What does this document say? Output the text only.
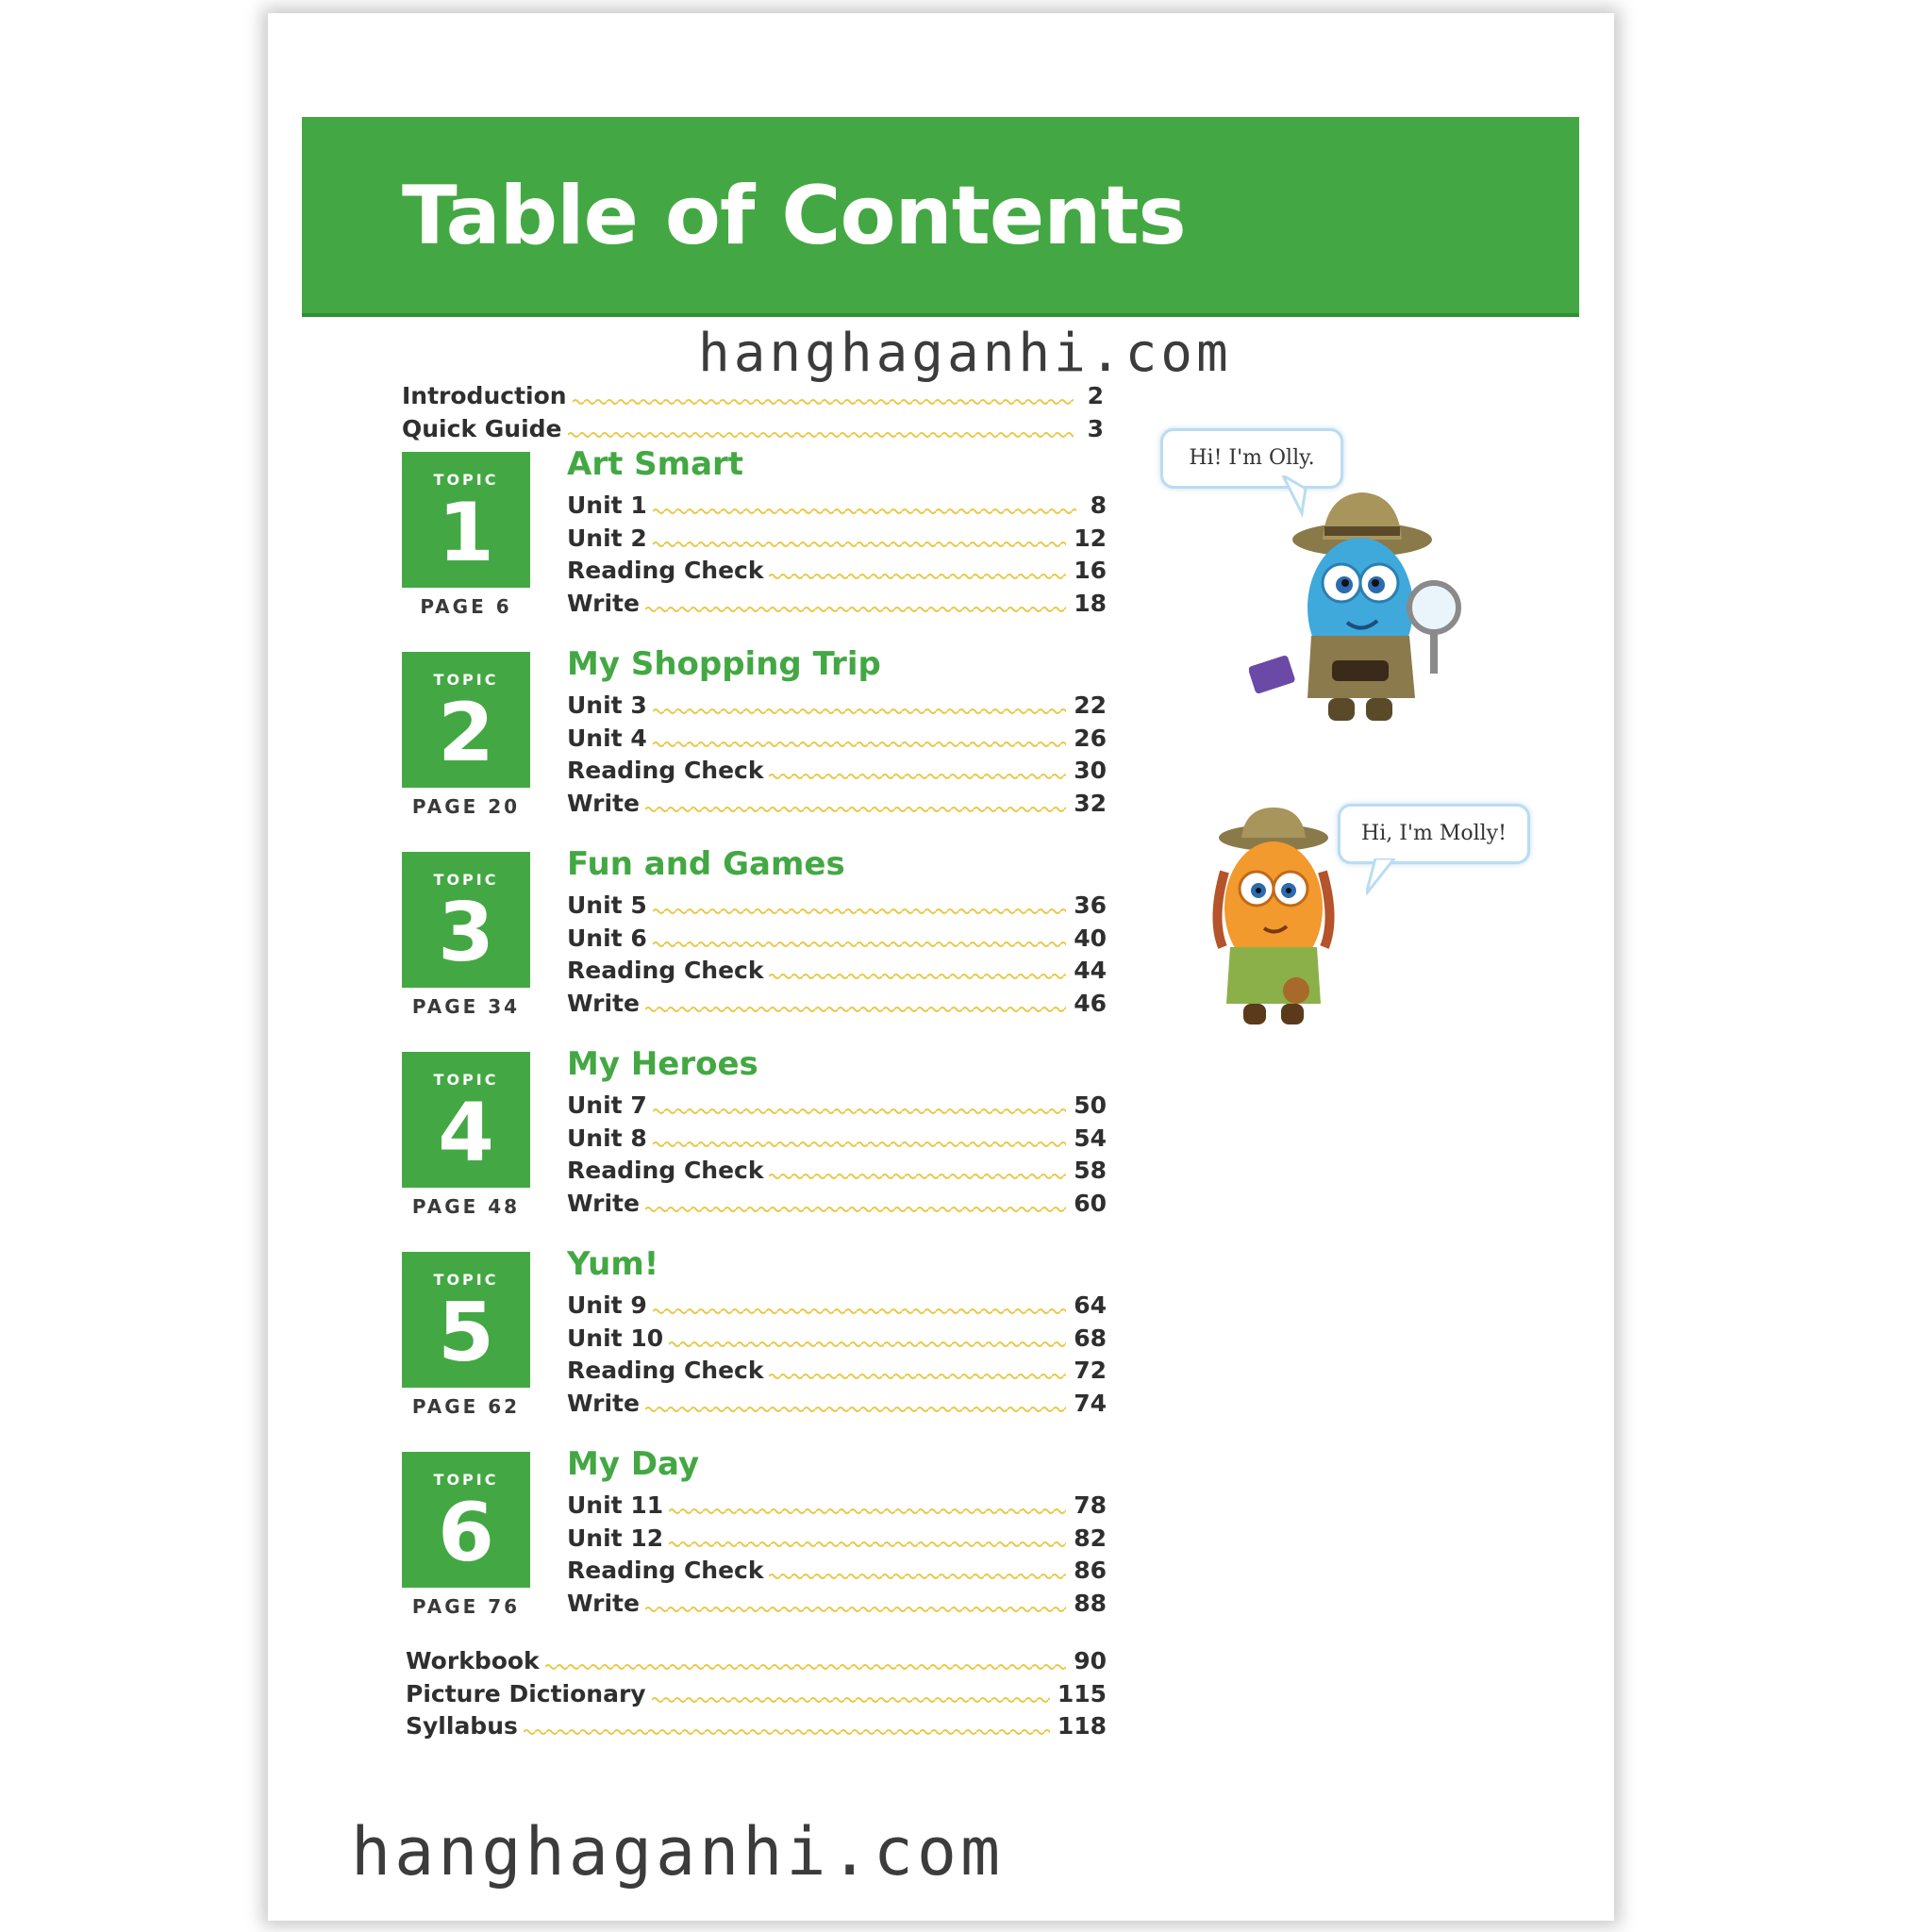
Table of Contents
Introduction	2
Quick Guide	3
TOPIC
1
PAGE 6
Art Smart
Unit 1	8
Unit 2	12
Reading Check	16
Write	18
TOPIC
2
PAGE 20
My Shopping Trip
Unit 3	22
Unit 4	26
Reading Check	30
Write	32
TOPIC
3
PAGE 34
Fun and Games
Unit 5	36
Unit 6	40
Reading Check	44
Write	46
TOPIC
4
PAGE 48
My Heroes
Unit 7	50
Unit 8	54
Reading Check	58
Write	60
TOPIC
5
PAGE 62
Yum!
Unit 9	64
Unit 10	68
Reading Check	72
Write	74
TOPIC
6
PAGE 76
My Day
Unit 11	78
Unit 12	82
Reading Check	86
Write	88
Workbook	90
Picture Dictionary	115
Syllabus	118
Hi! I'm Olly.
Hi, I'm Molly!
hanghaganhi.com
hanghaganhi.com
